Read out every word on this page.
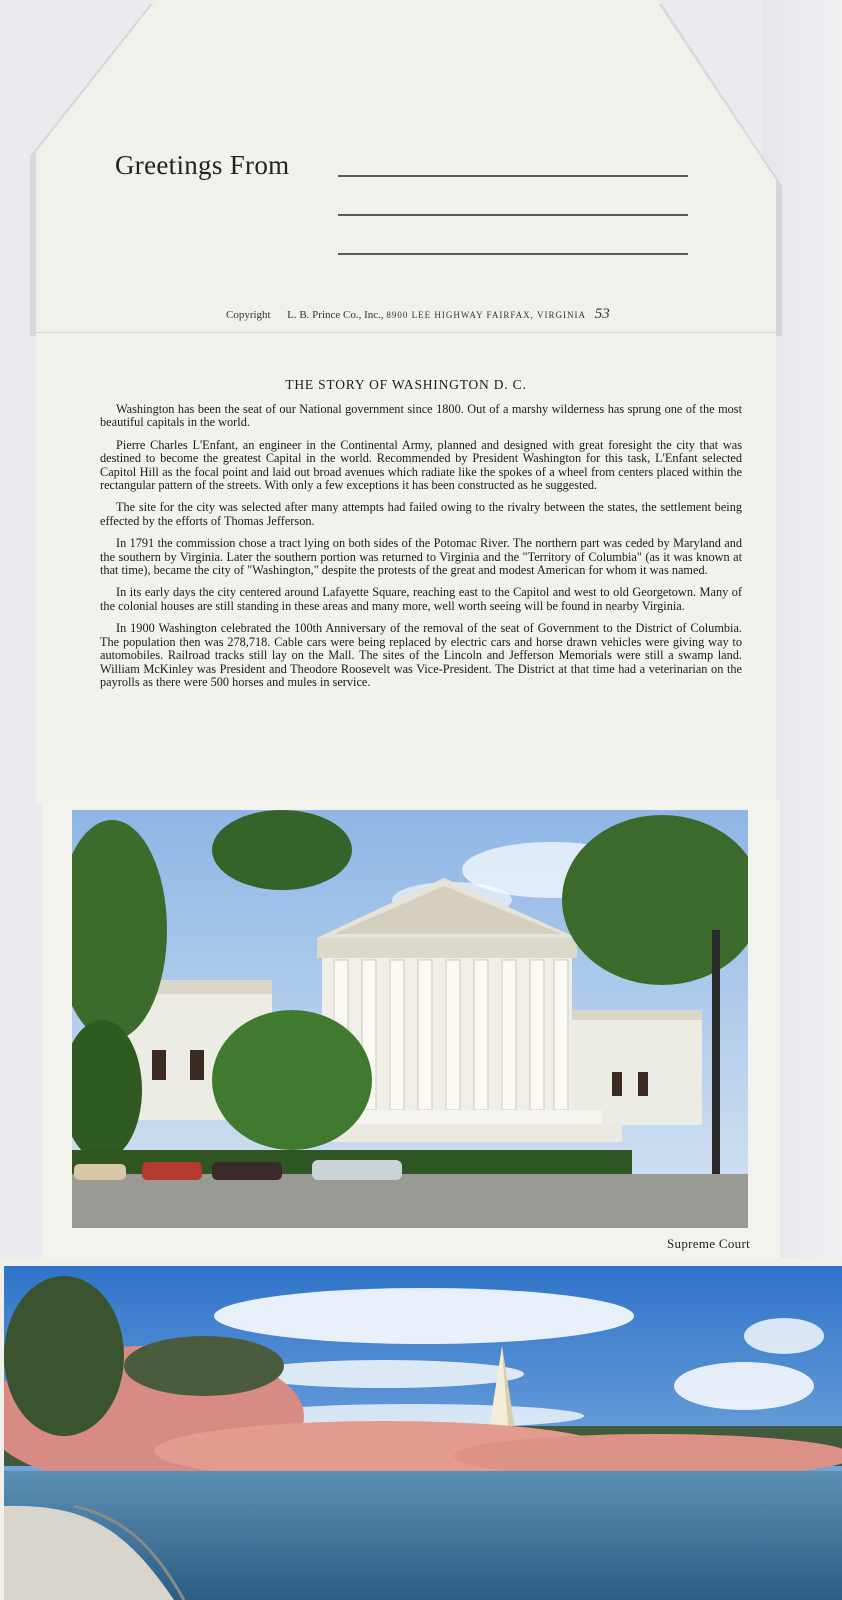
Greetings From
Copyright L. B. Prince Co., Inc., 8900 LEE HIGHWAY FAIRFAX, VIRGINIA 53
THE STORY OF WASHINGTON D. C.

Washington has been the seat of our National government since 1800. Out of a marshy wilderness has sprung one of the most beautiful capitals in the world.

Pierre Charles L'Enfant, an engineer in the Continental Army, planned and designed with great foresight the city that was destined to become the greatest Capital in the world. Recommended by President Washington for this task, L'Enfant selected Capitol Hill as the focal point and laid out broad avenues which radiate like the spokes of a wheel from centers placed within the rectangular pattern of the streets. With only a few exceptions it has been constructed as he suggested.

The site for the city was selected after many attempts had failed owing to the rivalry between the states, the settlement being effected by the efforts of Thomas Jefferson.

In 1791 the commission chose a tract lying on both sides of the Potomac River. The northern part was ceded by Maryland and the southern by Virginia. Later the southern portion was returned to Virginia and the "Territory of Columbia" (as it was known at that time), became the city of "Washington," despite the protests of the great and modest American for whom it was named.

In its early days the city centered around Lafayette Square, reaching east to the Capitol and west to old Georgetown. Many of the colonial houses are still standing in these areas and many more, well worth seeing will be found in nearby Virginia.

In 1900 Washington celebrated the 100th Anniversary of the removal of the seat of Government to the District of Columbia. The population then was 278,718. Cable cars were being replaced by electric cars and horse drawn vehicles were giving way to automobiles. Railroad tracks still lay on the Mall. The sites of the Lincoln and Jefferson Memorials were still a swamp land. William McKinley was President and Theodore Roosevelt was Vice-President. The District at that time had a veterinarian on the payrolls as there were 500 horses and mules in service.

Supreme Court
